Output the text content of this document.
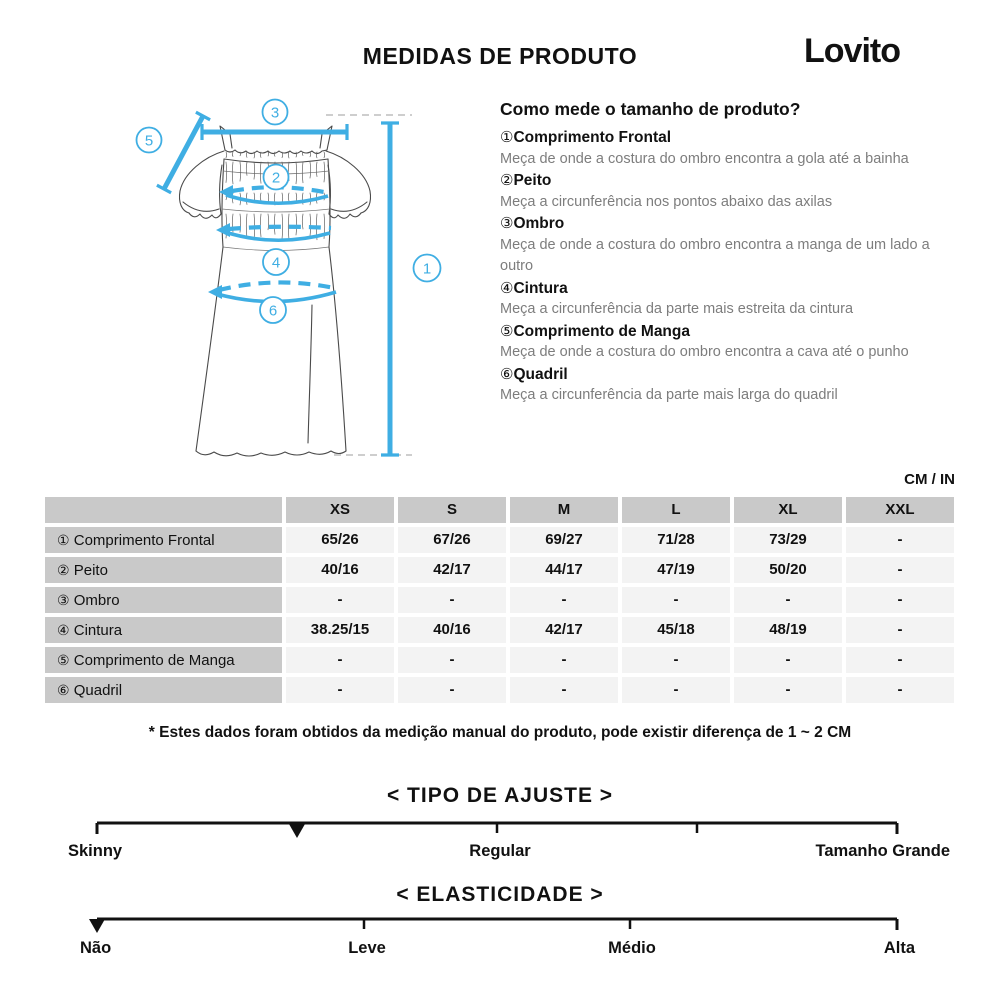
MEDIDAS DE PRODUTO	Lovito
1
2
3
4
5
6
Como mede o tamanho de produto?
①Comprimento Frontal
Meça de onde a costura do ombro encontra a gola até a bainha
②Peito
Meça a circunferência nos pontos abaixo das axilas
③Ombro
Meça de onde a costura do ombro encontra a manga de um lado a outro
④Cintura
Meça a circunferência da parte mais estreita da cintura
⑤Comprimento de Manga
Meça de onde a costura do ombro encontra a cava até o punho
⑥Quadril
Meça a circunferência da parte mais larga do quadril
CM / IN
XS	S	M	L	XL	XXL
① Comprimento Frontal	65/26	67/26	69/27	71/28	73/29	-
② Peito	40/16	42/17	44/17	47/19	50/20	-
③ Ombro	-	-	-	-	-	-
④ Cintura	38.25/15	40/16	42/17	45/18	48/19	-
⑤ Comprimento de Manga	-	-	-	-	-	-
⑥ Quadril	-	-	-	-	-	-
* Estes dados foram obtidos da medição manual do produto, pode existir diferença de 1 ~ 2 CM
< TIPO DE AJUSTE >
Skinny	Regular	Tamanho Grande
< ELASTICIDADE >
Não	Leve	Médio	Alta
